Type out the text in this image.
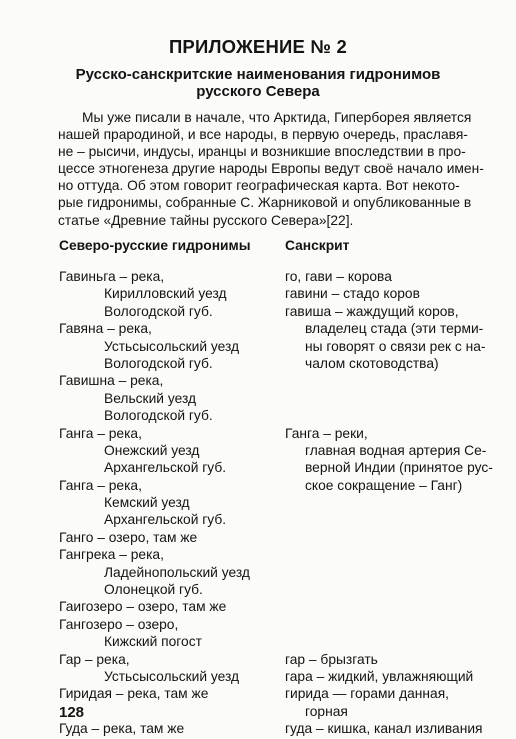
ПРИЛОЖЕНИЕ № 2
Русско-санскритские наименования гидронимов
русского Севера
Мы уже писали в начале, что Арктида, Гиперборея является
нашей прародиной, и все народы, в первую очередь, праславя-
не – рысичи, индусы, иранцы и возникшие впоследствии в про-
цессе этногенеза другие народы Европы ведут своё начало имен-
но оттуда. Об этом говорит географическая карта. Вот некото-
рые гидронимы, собранные С. Жарниковой и опубликованные в
статье «Древние тайны русского Севера»[22].
Северо-русские гидронимы Санскрит
Гавиньга – река,
Кирилловский уезд
Вологодской губ.
Гавяна – река,
Устьсысольский уезд
Вологодской губ.
Гавишна – река,
Вельский уезд
Вологодской губ.
Ганга – река,
Онежский уезд
Архангельской губ.
Ганга – река,
Кемский уезд
Архангельской губ.
Ганго – озеро, там же
Гангрека – река,
Ладейнопольский уезд
Олонецкой губ.
Гаигозеро – озеро, там же
Гангозеро – озеро,
Кижский погост
Гар – река,
Устьсысольский уезд
Гиридая – река, там же
Гуда – река, там же
го, гави – корова
гавини – стадо коров
гавиша – жаждущий коров,
владелец стада (эти терми-
ны говорят о связи рек с на-
чалом скотоводства)
Ганга – реки,
главная водная артерия Се-
верной Индии (принятое рус-
ское сокращение – Ганг)
гар – брызгать
гара – жидкий, увлажняющий
гирида — горами данная,
горная
гуда – кишка, канал изливания
128
